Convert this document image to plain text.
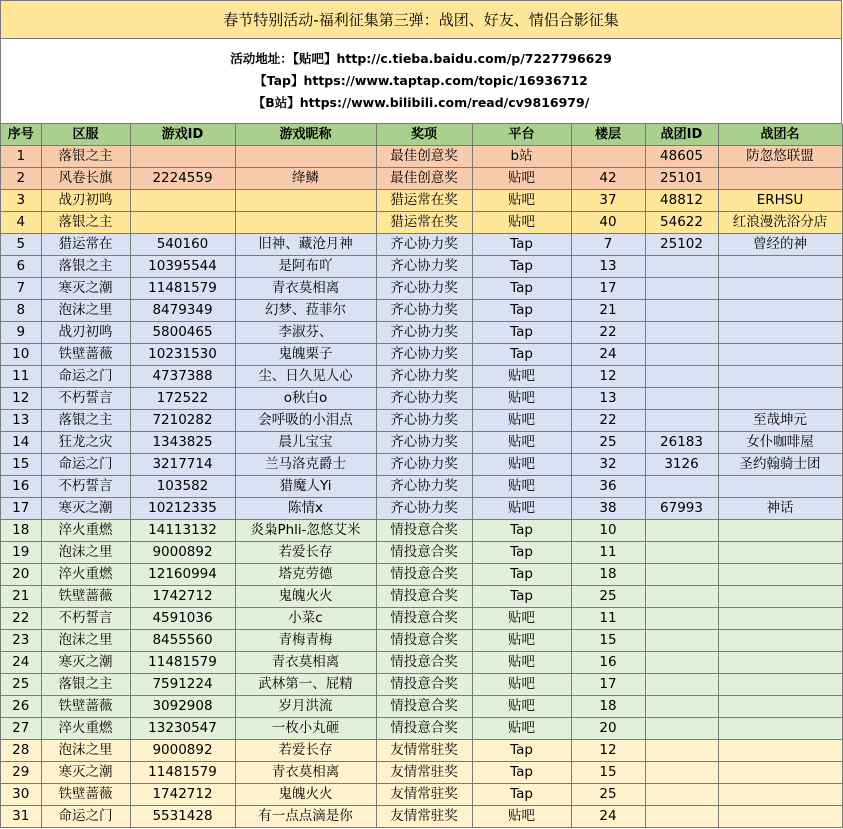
春节特别活动-福利征集第三弹：战团、好友、情侣合影征集
活动地址：【贴吧】http://c.tieba.baidu.com/p/7227796629
【Tap】https://www.taptap.com/topic/16936712
【B站】https://www.bilibili.com/read/cv9816979/
序号	区服	游戏ID	游戏昵称	奖项	平台	楼层	战团ID	战团名
1	落银之主			最佳创意奖	b站		48605	防忽悠联盟
2	风卷长旗	2224559	绛鳞	最佳创意奖	贴吧	42	25101	
3	战刃初鸣			猎运常在奖	贴吧	37	48812	ERHSU
4	落银之主			猎运常在奖	贴吧	40	54622	红浪漫洗浴分店
5	猎运常在	540160	旧神、藏沧月神	齐心协力奖	Tap	7	25102	曾经的神
6	落银之主	10395544	是阿布吖	齐心协力奖	Tap	13		
7	寒灭之潮	11481579	青衣莫相离	齐心协力奖	Tap	17		
8	泡沫之里	8479349	幻梦、菈菲尔	齐心协力奖	Tap	21		
9	战刃初鸣	5800465	李淑芬、	齐心协力奖	Tap	22		
10	铁壁蔷薇	10231530	鬼魄栗子	齐心协力奖	Tap	24		
11	命运之门	4737388	尘、日久见人心	齐心协力奖	贴吧	12		
12	不朽誓言	172522	o秋白o	齐心协力奖	贴吧	13		
13	落银之主	7210282	会呼吸的小泪点	齐心协力奖	贴吧	22		至哉坤元
14	狂龙之灾	1343825	晨儿宝宝	齐心协力奖	贴吧	25	26183	女仆咖啡屋
15	命运之门	3217714	兰马洛克爵士	齐心协力奖	贴吧	32	3126	圣约翰骑士团
16	不朽誓言	103582	猎魔人Yi	齐心协力奖	贴吧	36		
17	寒灭之潮	10212335	陈情x	齐心协力奖	贴吧	38	67993	神话
18	淬火重燃	14113132	炎枭Phli-忽悠艾米	情投意合奖	Tap	10		
19	泡沫之里	9000892	若爱长存	情投意合奖	Tap	11		
20	淬火重燃	12160994	塔克劳德	情投意合奖	Tap	18		
21	铁壁蔷薇	1742712	鬼魄火火	情投意合奖	Tap	25		
22	不朽誓言	4591036	小菜c	情投意合奖	贴吧	11		
23	泡沫之里	8455560	青梅青梅	情投意合奖	贴吧	15		
24	寒灭之潮	11481579	青衣莫相离	情投意合奖	贴吧	16		
25	落银之主	7591224	武林第一、屁精	情投意合奖	贴吧	17		
26	铁壁蔷薇	3092908	岁月洪流	情投意合奖	贴吧	18		
27	淬火重燃	13230547	一枚小丸砸	情投意合奖	贴吧	20		
28	泡沫之里	9000892	若爱长存	友情常驻奖	Tap	12		
29	寒灭之潮	11481579	青衣莫相离	友情常驻奖	Tap	15		
30	铁壁蔷薇	1742712	鬼魄火火	友情常驻奖	Tap	25		
31	命运之门	5531428	有一点点滴是你	友情常驻奖	贴吧	24		
